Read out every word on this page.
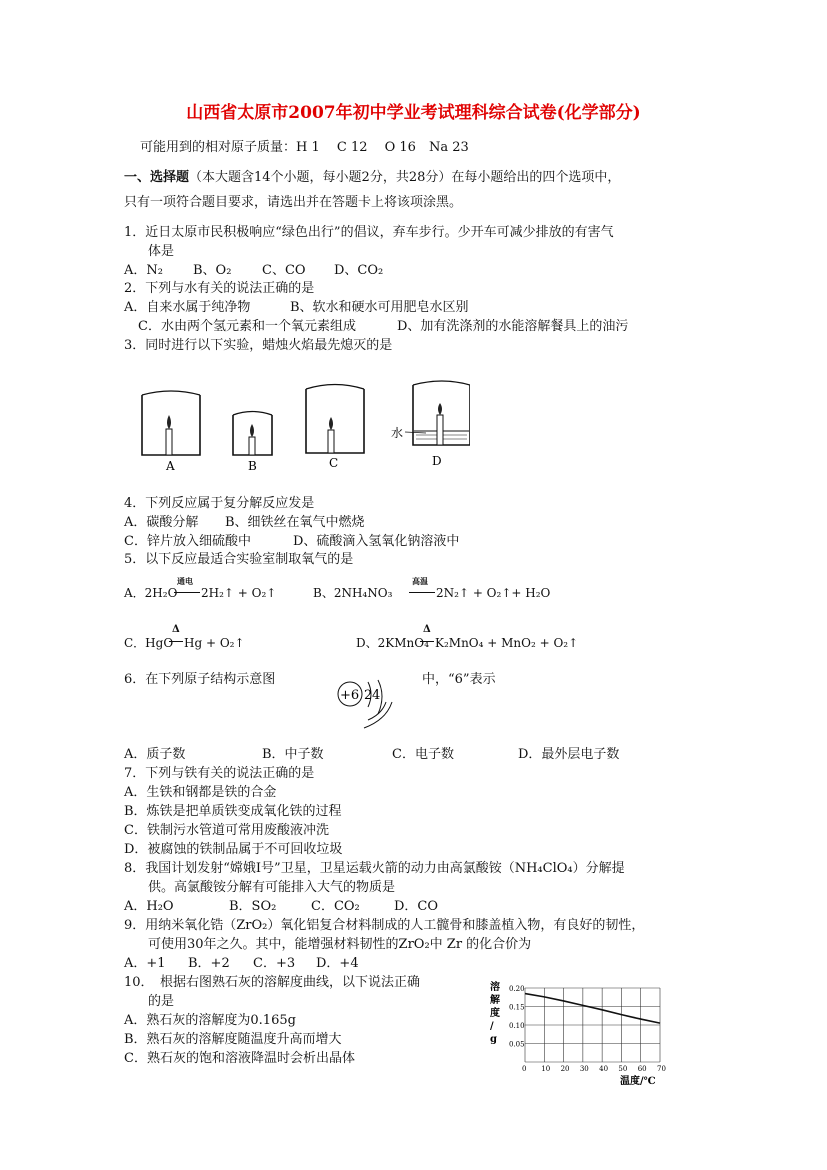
山西省太原市2007年初中学业考试理科综合试卷(化学部分)
可能用到的相对原子质量：H 1　 C 12　 O 16　Na 23
一、选择题（本大题含14个小题，每小题2分，共28分）在每小题给出的四个选项中，
只有一项符合题目要求，请选出并在答题卡上将该项涂黑。
1．近日太原市民积极响应“绿色出行”的倡议，弃车步行。少开车可减少排放的有害气
体是
A．N₂ B、O₂ C、CO D、CO₂
2．下列与水有关的说法正确的是
A．自来水属于纯净物	B、软水和硬水可用肥皂水区别
C．水由两个氢元素和一个氧元素组成	D、加有洗涤剂的水能溶解餐具上的油污
3．同时进行以下实验，蜡烛火焰最先熄灭的是
A	B	C	D
水
4．下列反应属于复分解反应发是
A．碳酸分解 B、细铁丝在氧气中燃烧
C．锌片放入细硫酸中	D、硫酸滴入氢氧化钠溶液中
5．以下反应最适合实验室制取氧气的是
A．2H₂O
通电
2H₂↑ + O₂↑	B、2NH₄NO₃
高温
2N₂↑ + O₂↑+ H₂O
C．HgO
Δ
Hg + O₂↑	D、2KMnO₄
Δ
K₂MnO₄ + MnO₂ + O₂↑
6．在下列原子结构示意图
+6 2 4
中，“6”表示
A．质子数	B．中子数	C．电子数	D．最外层电子数
7．下列与铁有关的说法正确的是
A．生铁和钢都是铁的合金
B．炼铁是把单质铁变成氧化铁的过程
C．铁制污水管道可常用废酸液冲洗
D．被腐蚀的铁制品属于不可回收垃圾
8．我国计划发射“嫦娥Ⅰ号”卫星，卫星运载火箭的动力由高氯酸铵（NH₄ClO₄）分解提
供。高氯酸铵分解有可能排入大气的物质是
A．H₂O	B．SO₂	C．CO₂	D．CO
9．用纳米氧化锆（ZrO₂）氧化铝复合材料制成的人工髋骨和膝盖植入物，有良好的韧性，
可使用30年之久。其中，能增强材料韧性的ZrO₂中 Zr 的化合价为
A．+1 B．+2 C．+3 D．+4
10．　根据右图熟石灰的溶解度曲线，以下说法正确
的是
A．熟石灰的溶解度为0.165g
B．熟石灰的溶解度随温度升高而增大
C．熟石灰的饱和溶液降温时会析出晶体
0 10 20 30 40 50 60 70
0.05
0.10
0.15
0.20
溶解度/ g
温度/℃
